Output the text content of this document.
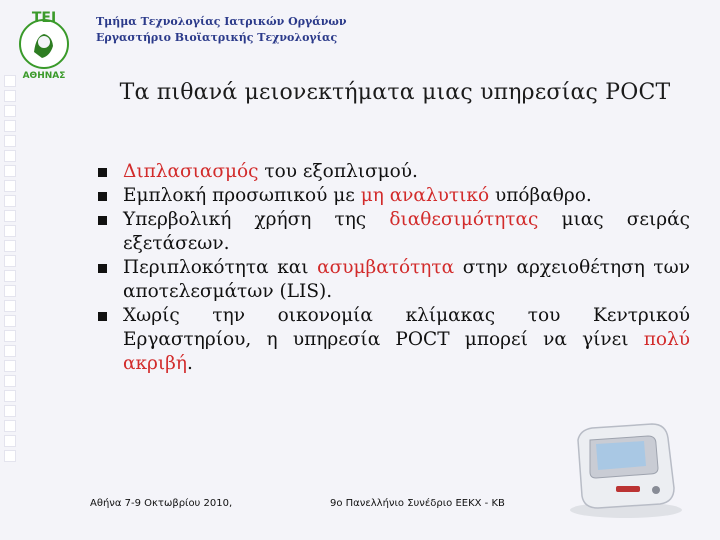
TEI
ΑΘΗΝΑΣ
Τμήμα Τεχνολογίας Ιατρικών Οργάνων
Εργαστήριο Βιοϊατρικής Τεχνολογίας
Τα πιθανά μειονεκτήματα μιας υπηρεσίας POCT

Διπλασιασμός του εξοπλισμού.

Εμπλοκή προσωπικού με μη αναλυτικό υπόβαθρο.

Υπερβολική χρήση της διαθεσιμότητας μιας σειράς

εξετάσεων.

Περιπλοκότητα και ασυμβατότητα στην αρχειοθέτηση των

αποτελεσμάτων (LIS).

Χωρίς την οικονομία κλίμακας του Κεντρικού

Εργαστηρίου, η υπηρεσία POCT μπορεί να γίνει πολύ

ακριβή.

Αθήνα 7-9 Οκτωβρίου 2010,	9ο Πανελλήνιο Συνέδριο ΕΕΚΧ - ΚΒ
